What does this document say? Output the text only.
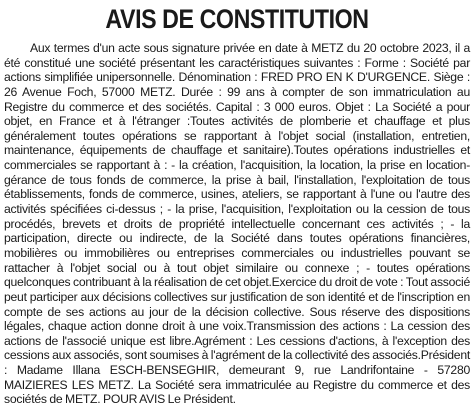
AVIS DE CONSTITUTION

Aux termes d'un acte sous signature privée en date à METZ du 20 octobre 2023, il a été constitué une société présentant les caractéristiques suivantes : Forme : Société par actions simplifiée unipersonnelle. Dénomination : FRED PRO EN K D'URGENCE. Siège : 26 Avenue Foch, 57000 METZ. Durée : 99 ans à compter de son immatriculation au Registre du commerce et des sociétés. Capital : 3 000 euros. Objet : La Société a pour objet, en France et à l'étranger :Toutes activités de plomberie et chauffage et plus généralement toutes opérations se rapportant à l'objet social (installation, entretien, maintenance, équipements de chauffage et sanitaire).Toutes opérations industrielles et commerciales se rapportant à : - la création, l'acquisition, la location, la prise en location-gérance de tous fonds de commerce, la prise à bail, l'installation, l'exploitation de tous établissements, fonds de commerce, usines, ateliers, se rapportant à l'une ou l'autre des activités spécifiées ci-dessus ; - la prise, l'acquisition, l'exploitation ou la cession de tous procédés, brevets et droits de propriété intellectuelle concernant ces activités ; - la participation, directe ou indirecte, de la Société dans toutes opérations financières, mobilières ou immobilières ou entreprises commerciales ou industrielles pouvant se rattacher à l'objet social ou à tout objet similaire ou connexe ; - toutes opérations quelconques contribuant à la réalisation de cet objet.Exercice du droit de vote : Tout associé peut participer aux décisions collectives sur justification de son identité et de l'inscription en compte de ses actions au jour de la décision collective. Sous réserve des dispositions légales, chaque action donne droit à une voix.Transmission des actions : La cession des actions de l'associé unique est libre.Agrément : Les cessions d'actions, à l'exception des cessions aux associés, sont soumises à l'agrément de la collectivité des associés.Président : Madame Illana ESCH-BENSEGHIR, demeurant 9, rue Landrifontaine - 57280 MAIZIERES LES METZ. La Société sera immatriculée au Registre du commerce et des sociétés de METZ. POUR AVIS Le Président.
